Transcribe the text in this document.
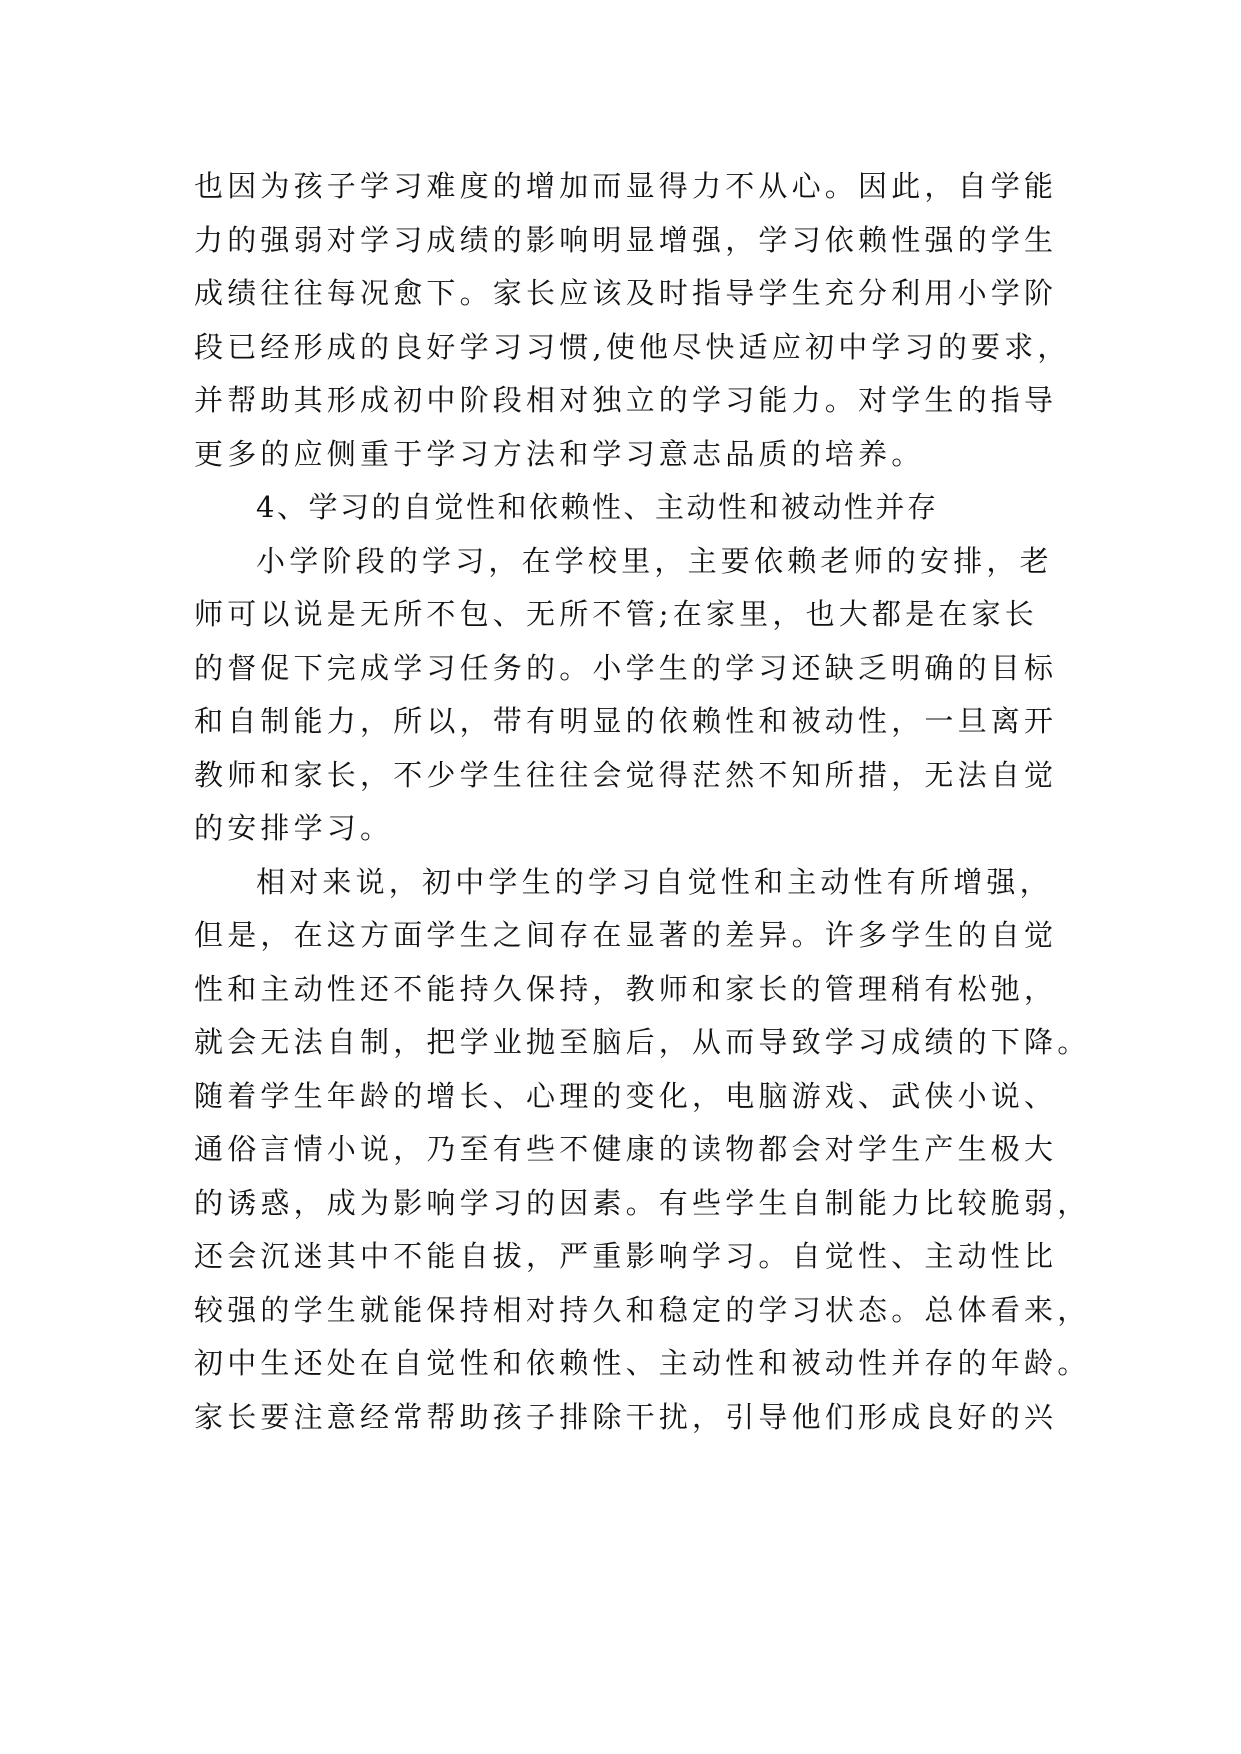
也因为孩子学习难度的增加而显得力不从心。因此，自学能
力的强弱对学习成绩的影响明显增强，学习依赖性强的学生
成绩往往每况愈下。家长应该及时指导学生充分利用小学阶
段已经形成的良好学习习惯,使他尽快适应初中学习的要求，
并帮助其形成初中阶段相对独立的学习能力。对学生的指导
更多的应侧重于学习方法和学习意志品质的培养。
4、学习的自觉性和依赖性、主动性和被动性并存
小学阶段的学习，在学校里，主要依赖老师的安排，老
师可以说是无所不包、无所不管;在家里，也大都是在家长
的督促下完成学习任务的。小学生的学习还缺乏明确的目标
和自制能力，所以，带有明显的依赖性和被动性，一旦离开
教师和家长，不少学生往往会觉得茫然不知所措，无法自觉
的安排学习。
相对来说，初中学生的学习自觉性和主动性有所增强，
但是，在这方面学生之间存在显著的差异。许多学生的自觉
性和主动性还不能持久保持，教师和家长的管理稍有松弛，
就会无法自制，把学业抛至脑后，从而导致学习成绩的下降。
随着学生年龄的增长、心理的变化，电脑游戏、武侠小说、
通俗言情小说，乃至有些不健康的读物都会对学生产生极大
的诱惑，成为影响学习的因素。有些学生自制能力比较脆弱，
还会沉迷其中不能自拔，严重影响学习。自觉性、主动性比
较强的学生就能保持相对持久和稳定的学习状态。总体看来，
初中生还处在自觉性和依赖性、主动性和被动性并存的年龄。
家长要注意经常帮助孩子排除干扰，引导他们形成良好的兴
